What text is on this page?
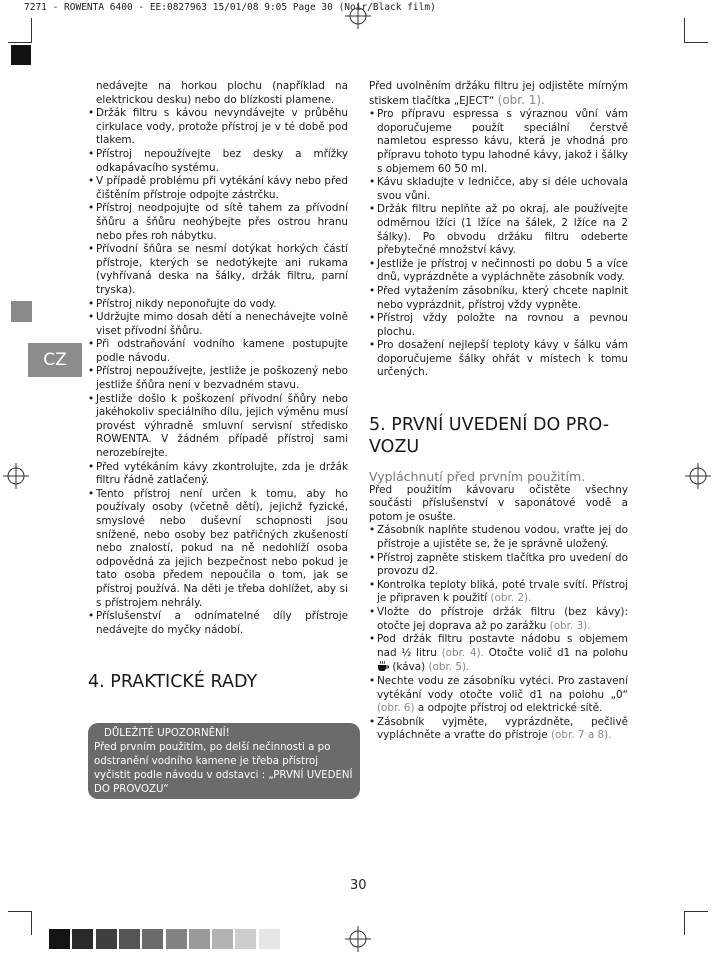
7271 - ROWENTA 6400 - EE:0827963 15/01/08 9:05 Page 30 (Noir/Black film)
CZ

nedávejte na horkou plochu (například na elektrickou desku) nebo do blízkosti plamene.

• Držák filtru s kávou nevyndávejte v průběhu cirkulace vody, protože přístroj je v té době pod tlakem.
• Přístroj nepoužívejte bez desky a mřížky odkapávacího systému.
• V případě problému při vytékání kávy nebo před čištěním přístroje odpojte zástrčku.
• Přístroj neodpojujte od sítě tahem za přívodní šňůru a šňůru neohýbejte přes ostrou hranu nebo přes roh nábytku.
• Přívodní šňůra se nesmí dotýkat horkých částí přístroje, kterých se nedotýkejte ani rukama (vyhřívaná deska na šálky, držák filtru, parní tryska).
• Přístroj nikdy neponořujte do vody.
• Udržujte mimo dosah dětí a nenechávejte volně viset přívodní šňůru.
• Při odstraňování vodního kamene postupujte podle návodu.
• Přístroj nepoužívejte, jestliže je poškozený nebo jestliže šňůra není v bezvadném stavu.
• Jestliže došlo k poškození přívodní šňůry nebo jakéhokoliv speciálního dílu, jejich výměnu musí provést výhradně smluvní servisní středisko ROWENTA. V žádném případě přístroj sami nerozebírejte.
• Před vytékáním kávy zkontrolujte, zda je držák filtru řádně zatlačený.
• Tento přístroj není určen k tomu, aby ho používaly osoby (včetně dětí), jejichž fyzické, smyslové nebo duševní schopnosti jsou snížené, nebo osoby bez patřičných zkušeností nebo znalostí, pokud na ně nedohlíží osoba odpovědná za jejich bezpečnost nebo pokud je tato osoba předem nepoučila o tom, jak se přístroj používá. Na děti je třeba dohlížet, aby si s přístrojem nehrály.
• Příslušenství a odnímatelné díly přístroje nedávejte do myčky nádobí.
4. PRAKTICKÉ RADY
DŮLEŽITÉ UPOZORNĚNÍ!
Před prvním použitím, po delší nečinnosti a po odstranění vodního kamene je třeba přístroj vyčistit podle návodu v odstavci : „PRVNÍ UVEDENÍ DO PROVOZU“

Před uvolněním držáku filtru jej odjistěte mírným stiskem tlačítka „EJECT“ (obr. 1).

• Pro přípravu espressa s výraznou vůní vám doporučujeme použít speciální čerstvě namletou espresso kávu, která je vhodná pro přípravu tohoto typu lahodné kávy, jakož i šálky s objemem 60 50 ml.
• Kávu skladujte v ledničce, aby si déle uchovala svou vůni.
• Držák filtru neplňte až po okraj, ale používejte odměrnou lžíci (1 lžíce na šálek, 2 lžíce na 2 šálky). Po obvodu držáku filtru odeberte přebytečné množství kávy.
• Jestliže je přístroj v nečinnosti po dobu 5 a více dnů, vyprázdněte a vypláchněte zásobník vody.
• Před vytažením zásobníku, který chcete naplnit nebo vyprázdnit, přístroj vždy vypněte.
• Přístroj vždy položte na rovnou a pevnou plochu.
• Pro dosažení nejlepší teploty kávy v šálku vám doporučujeme šálky ohřát v místech k tomu určených.
5. PRVNÍ UVEDENÍ DO PRO-VOZU

Vypláchnutí před prvním použitím.

Před použitím kávovaru očistěte všechny součásti příslušenství v saponátové vodě a potom je osušte.

• Zásobník naplňte studenou vodou, vraťte jej do přístroje a ujistěte se, že je správně uložený.
• Přístroj zapněte stiskem tlačítka pro uvedení do provozu d2.
• Kontrolka teploty bliká, poté trvale svítí. Přístroj je připraven k použití (obr. 2).
• Vložte do přístroje držák filtru (bez kávy): otočte jej doprava až po zarážku (obr. 3).
• Pod držák filtru postavte nádobu s objemem nad ½ litru (obr. 4). Otočte volič d1 na polohu  (káva) (obr. 5).
• Nechte vodu ze zásobníku vytéci. Pro zastavení vytékání vody otočte volič d1 na polohu „0“ (obr. 6) a odpojte přístroj od elektrické sítě.
• Zásobník vyjměte, vyprázdněte, pečlivě vypláchněte a vraťte do přístroje (obr. 7 a 8).
30
